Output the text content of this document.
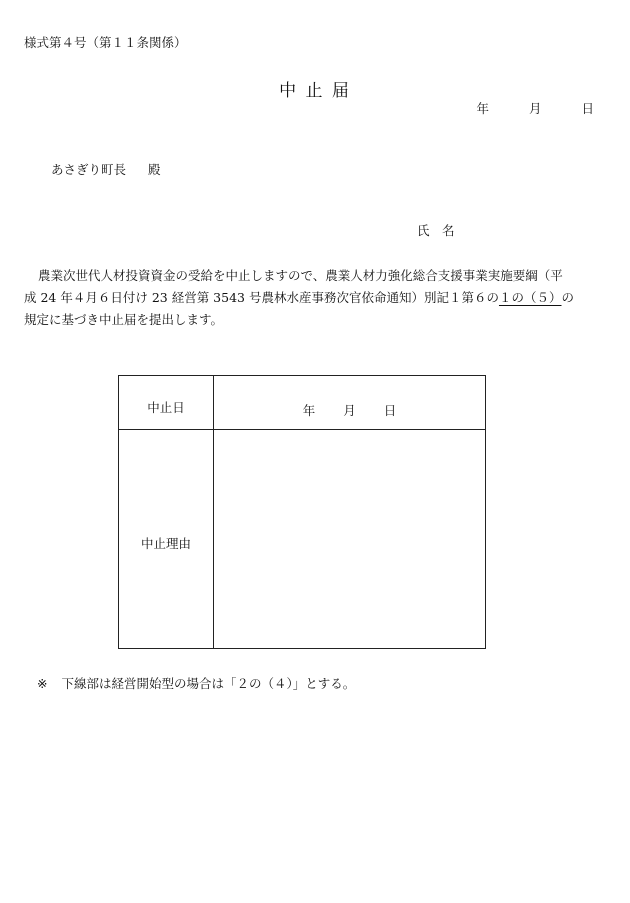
様式第４号（第１１条関係）
中 止 届
年	月	日
あさぎり町長 殿
氏　名
農業次世代人材投資資金の受給を中止しますので、農業人材力強化総合支援事業実施要綱（平
成 24 年４月６日付け 23 経営第 3543 号農林水産事務次官依命通知）別記１第６の１の（５）の
規定に基づき中止届を提出します。
中止日	年 月 日
中止理由
※ 下線部は経営開始型の場合は「２の（４）」とする。
